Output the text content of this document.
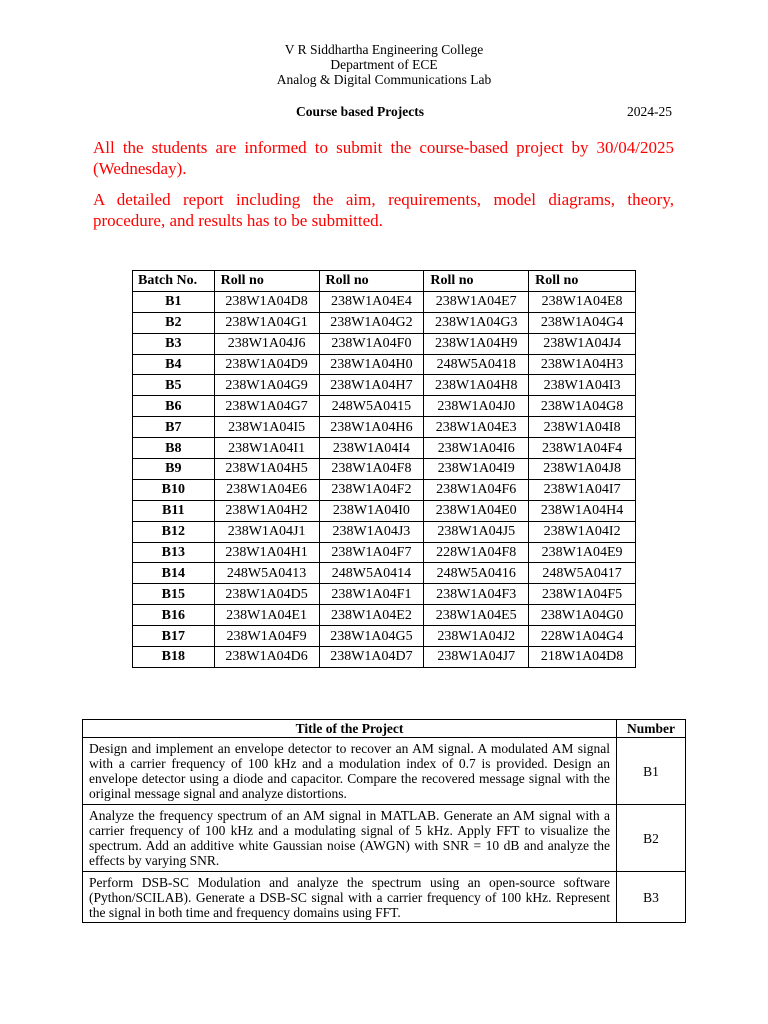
V R Siddhartha Engineering College
Department of ECE
Analog & Digital Communications Lab
Course based Projects	2024-25
All the students are informed to submit the course-based project by 30/04/2025 (Wednesday).
A detailed report including the aim, requirements, model diagrams, theory, procedure, and results has to be submitted.
Batch No.	Roll no	Roll no	Roll no	Roll no
B1	238W1A04D8	238W1A04E4	238W1A04E7	238W1A04E8
B2	238W1A04G1	238W1A04G2	238W1A04G3	238W1A04G4
B3	238W1A04J6	238W1A04F0	238W1A04H9	238W1A04J4
B4	238W1A04D9	238W1A04H0	248W5A0418	238W1A04H3
B5	238W1A04G9	238W1A04H7	238W1A04H8	238W1A04I3
B6	238W1A04G7	248W5A0415	238W1A04J0	238W1A04G8
B7	238W1A04I5	238W1A04H6	238W1A04E3	238W1A04I8
B8	238W1A04I1	238W1A04I4	238W1A04I6	238W1A04F4
B9	238W1A04H5	238W1A04F8	238W1A04I9	238W1A04J8
B10	238W1A04E6	238W1A04F2	238W1A04F6	238W1A04I7
B11	238W1A04H2	238W1A04I0	238W1A04E0	238W1A04H4
B12	238W1A04J1	238W1A04J3	238W1A04J5	238W1A04I2
B13	238W1A04H1	238W1A04F7	228W1A04F8	238W1A04E9
B14	248W5A0413	248W5A0414	248W5A0416	248W5A0417
B15	238W1A04D5	238W1A04F1	238W1A04F3	238W1A04F5
B16	238W1A04E1	238W1A04E2	238W1A04E5	238W1A04G0
B17	238W1A04F9	238W1A04G5	238W1A04J2	228W1A04G4
B18	238W1A04D6	238W1A04D7	238W1A04J7	218W1A04D8
Title of the Project	Number
Design and implement an envelope detector to recover an AM signal. A modulated AM signal with a carrier frequency of 100 kHz and a modulation index of 0.7 is provided. Design an envelope detector using a diode and capacitor. Compare the recovered message signal with the original message signal and analyze distortions.	B1
Analyze the frequency spectrum of an AM signal in MATLAB. Generate an AM signal with a carrier frequency of 100 kHz and a modulating signal of 5 kHz. Apply FFT to visualize the spectrum. Add an additive white Gaussian noise (AWGN) with SNR = 10 dB and analyze the effects by varying SNR.	B2
Perform DSB-SC Modulation and analyze the spectrum using an open-source software (Python/SCILAB). Generate a DSB-SC signal with a carrier frequency of 100 kHz. Represent the signal in both time and frequency domains using FFT.	B3
